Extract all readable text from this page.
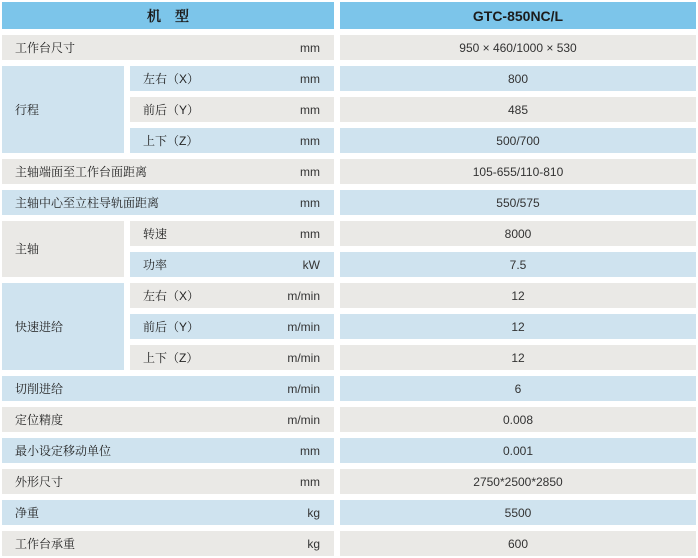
机　型	GTC-850NC/L
工作台尺寸	mm	950 × 460/1000 × 530
行程
左右（X）	mm	800
前后（Y）	mm	485
上下（Z）	mm	500/700
主轴端面至工作台面距离	mm	105-655/110-810
主轴中心至立柱导轨面距离	mm	550/575
主轴
转速	mm	8000
功率	kW	7.5
快速进给
左右（X）	m/min	12
前后（Y）	m/min	12
上下（Z）	m/min	12
切削进给	m/min	6
定位精度	m/min	0.008
最小设定移动单位	mm	0.001
外形尺寸	mm	2750*2500*2850
净重	kg	5500
工作台承重	kg	600
